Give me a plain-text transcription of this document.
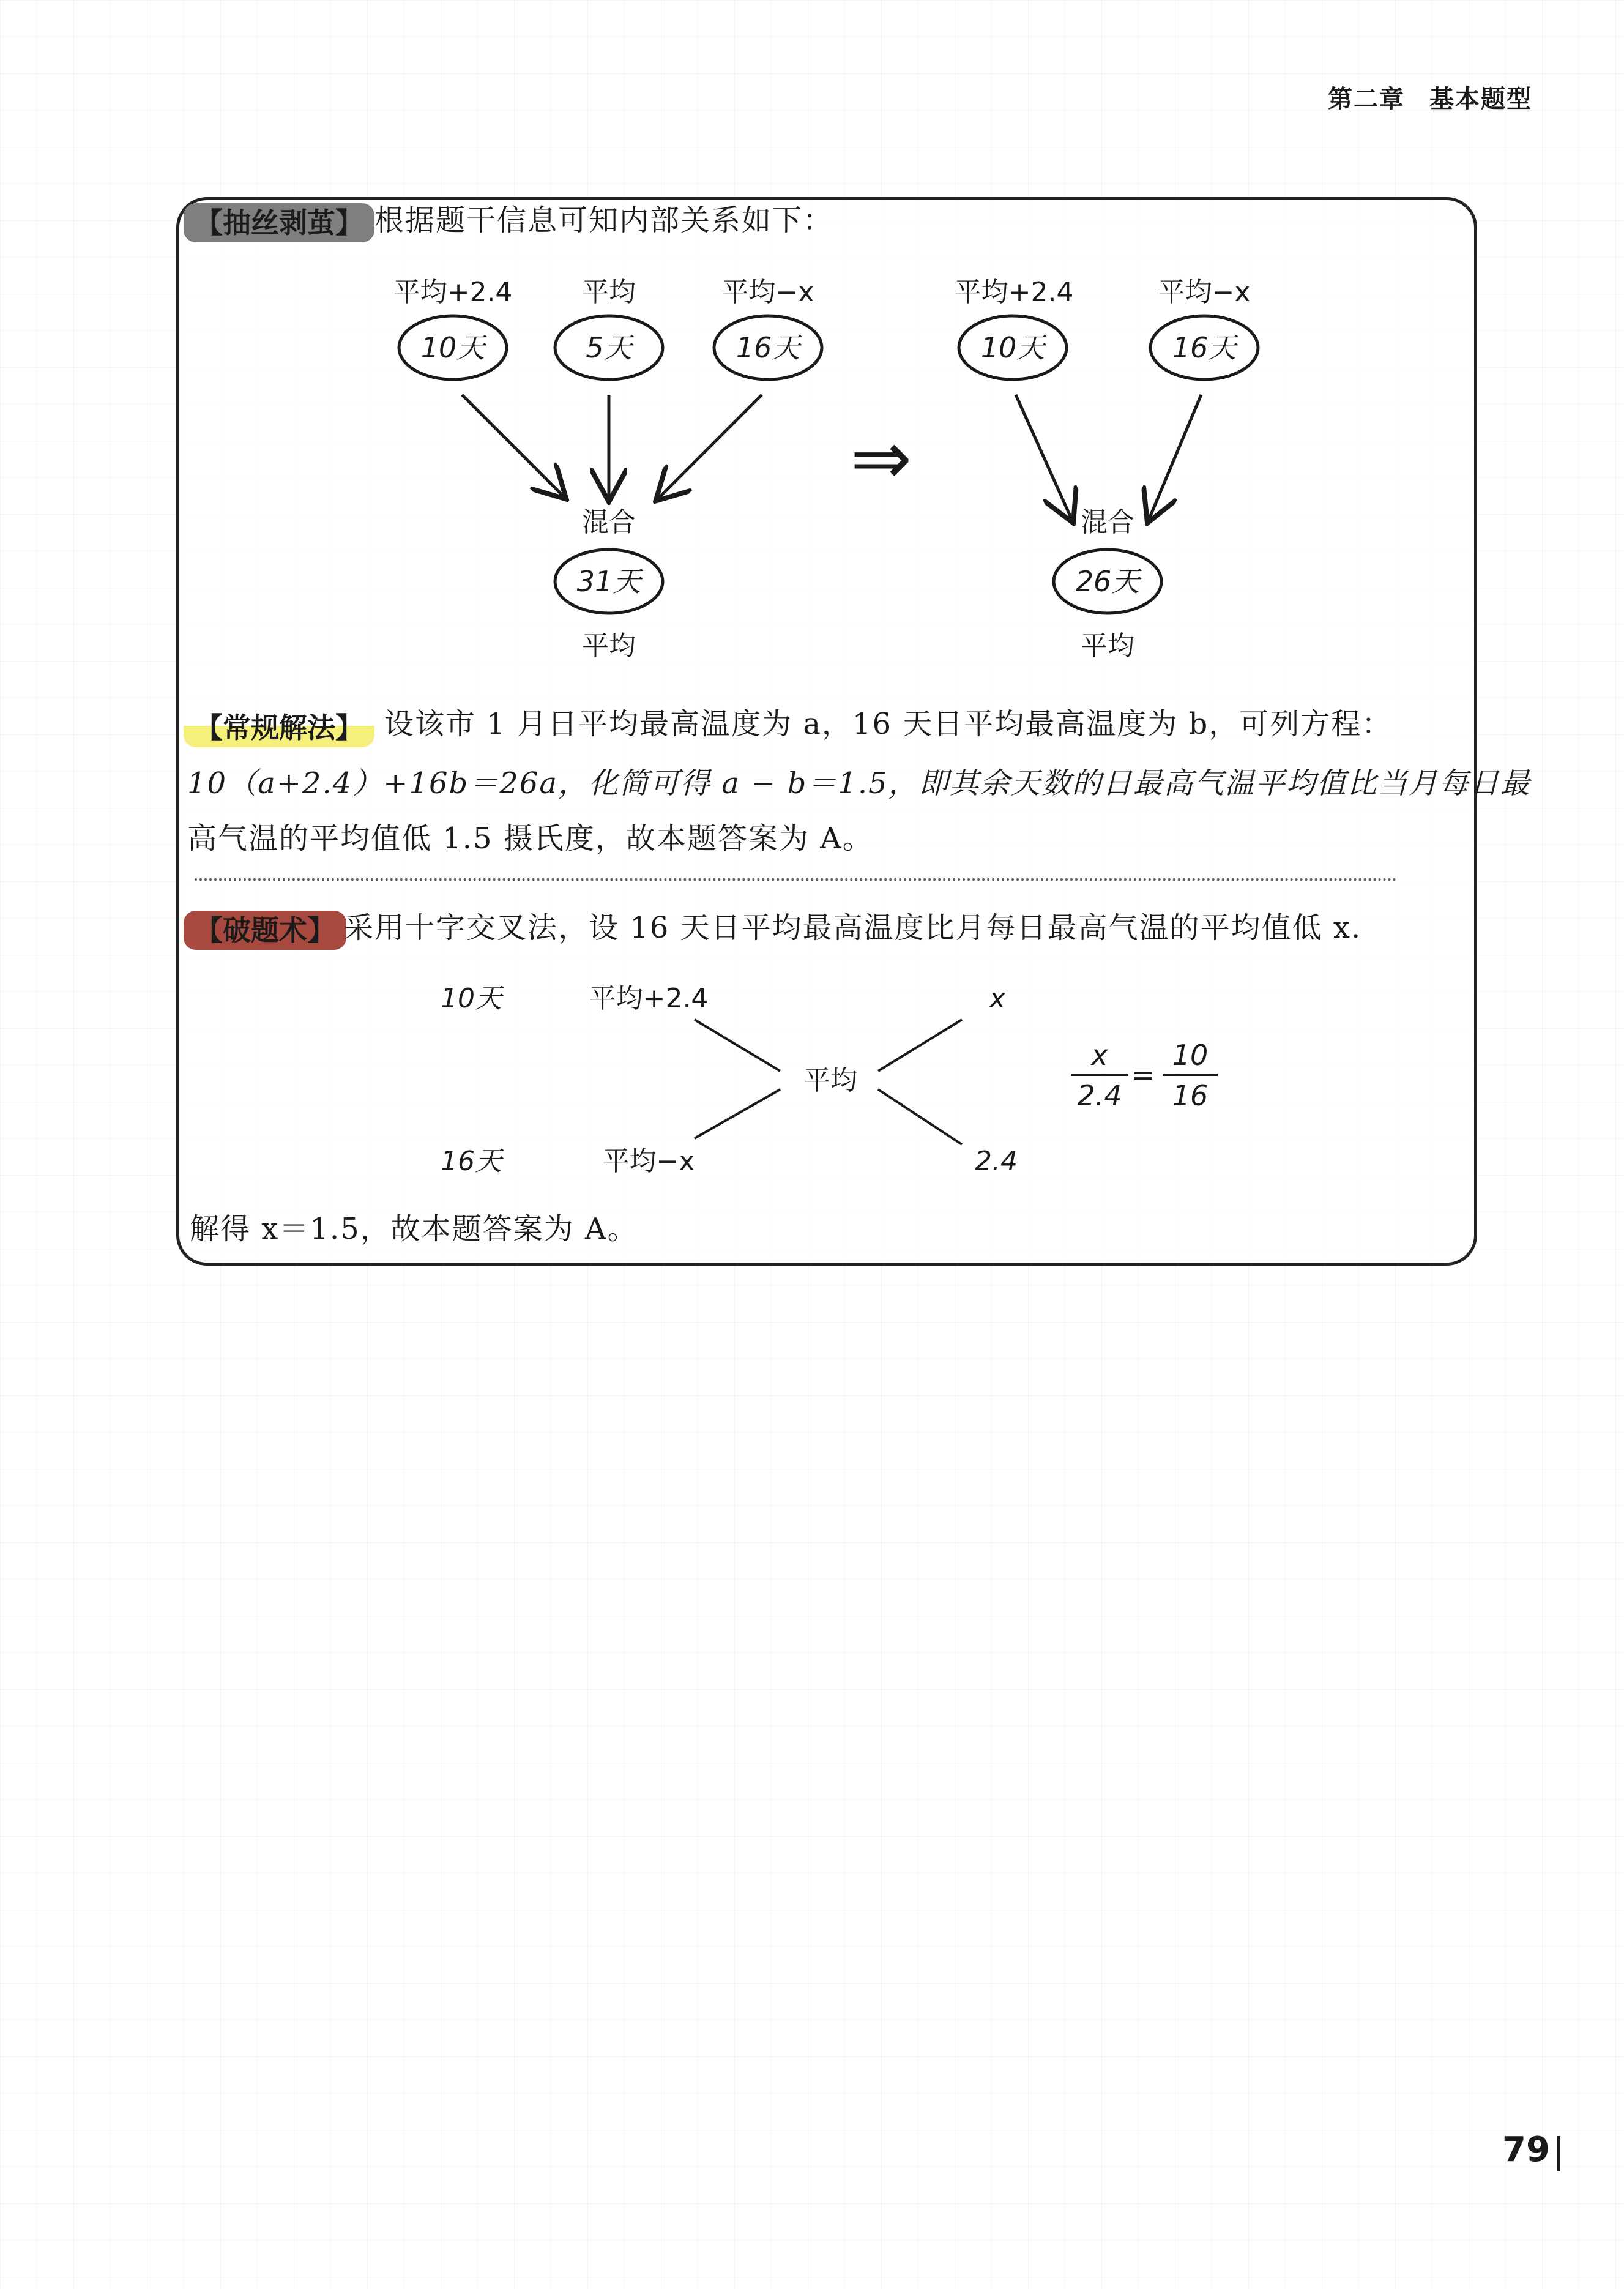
第二章 基本题型
【抽丝剥茧】 根据题干信息可知内部关系如下：
平均+2.4	平均	平均−x
10天	5天	16天
混合
31天
平均
⇒
平均+2.4	平均−x
10天	16天
混合
26天
平均
【常规解法】 设该市 1 月日平均最高温度为 a，16 天日平均最高温度为 b，可列方程：
10（a+2.4）+16b＝26a，化简可得 a − b＝1.5，即其余天数的日最高气温平均值比当月每日最
高气温的平均值低 1.5 摄氏度，故本题答案为 A。
【破题术】 采用十字交叉法，设 16 天日平均最高温度比月每日最高气温的平均值低 x.
10天	平均+2.4	x
平均
16天	平均−x	2.4
x
2.4
=
10
16
解得 x＝1.5，故本题答案为 A。
79
